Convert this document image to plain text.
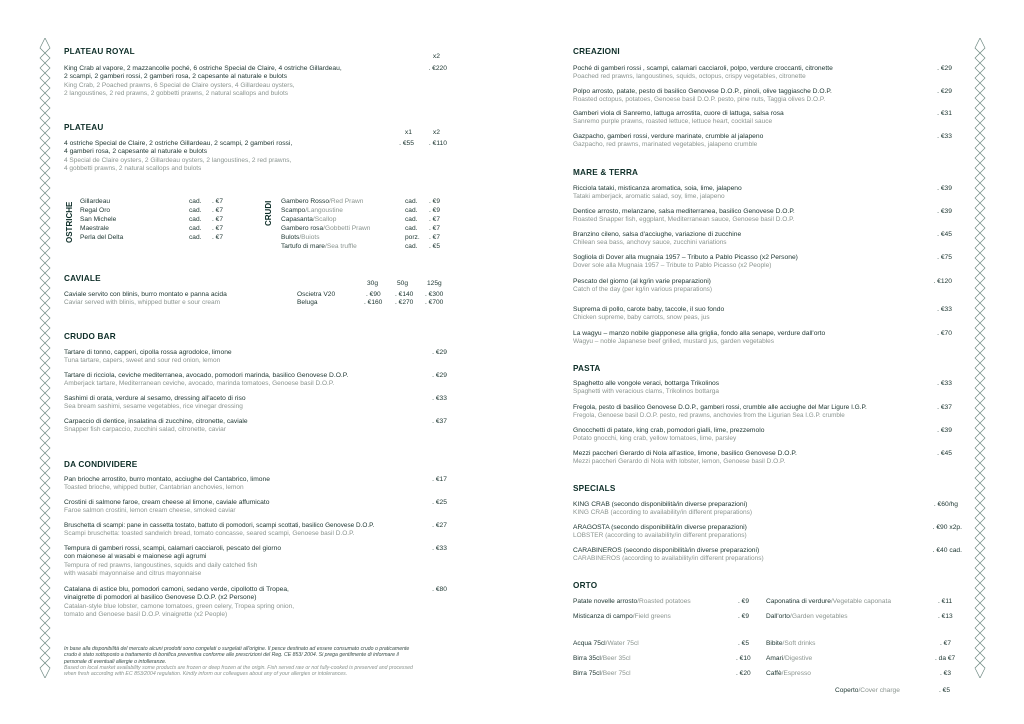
PLATEAU ROYAL
x2
King Crab al vapore, 2 mazzancolle poché, 6 ostriche Special de Claire, 4 ostriche Gillardeau,
2 scampi, 2 gamberi rossi, 2 gamberi rosa, 2 capesante al naturale e bulots
King Crab, 2 Poached prawns, 6 Special de Claire oysters, 4 Gillardeau oysters,
2 langoustines, 2 red prawns, 2 gobbetti prawns, 2 natural scallops and bulots
. €220
PLATEAU
x1	x2
4 ostriche Special de Claire, 2 ostriche Gillardeau, 2 scampi, 2 gamberi rossi,
4 gamberi rosa, 2 capesante al naturale e bulots
4 Special de Claire oysters, 2 Gillardeau oysters, 2 langoustines, 2 red prawns,
4 gobbetti prawns, 2 natural scallops and bulots
. €55	. €110
OSTRICHE
Gillardeau	cad. . €7
Regal Oro	cad. . €7
San Michele	cad. . €7
Maestrale	cad. . €7
Perla del Delta	cad. . €7
CRUDI Gambero Rosso/Red Prawn	cad. . €9
Scampo/Langoustine	cad. . €9
Capasanta/Scallop	cad. . €7
Gambero rosa/Gobbetti Prawn	cad. . €7
Bulots/Buiots	porz. . €7
Tartufo di mare/Sea truffle	cad. . €5
CAVIALE
30g	50g	125g
Caviale servito con blinis, burro montato e panna acida
Caviar served with blinis, whipped butter e sour cream
Oscietra V20	. €90 . €140 . €300
Beluga	. €160 . €270 . €700
CRUDO BAR
Tartare di tonno, capperi, cipolla rossa agrodolce, limone
Tuna tartare, capers, sweet and sour red onion, lemon
. €29
Tartare di ricciola, ceviche mediterranea, avocado, pomodori marinda, basilico Genovese D.O.P.
Amberjack tartare, Mediterranean ceviche, avocado, marinda tomatoes, Genoese basil D.O.P.
. €29
Sashimi di orata, verdure al sesamo, dressing all'aceto di riso
Sea bream sashimi, sesame vegetables, rice vinegar dressing
. €33
Carpaccio di dentice, insalatina di zucchine, citronette, caviale
Snapper fish carpaccio, zucchini salad, citronette, caviar
. €37
DA CONDIVIDERE
Pan brioche arrostito, burro montato, acciughe del Cantabrico, limone
Toasted brioche, whipped butter, Cantabrian anchovies, lemon
. €17
Crostini di salmone faroe, cream cheese al limone, caviale affumicato
Faroe salmon crostini, lemon cream cheese, smoked caviar
. €25
Bruschetta di scampi: pane in cassetta tostato, battuto di pomodori, scampi scottati, basilico Genovese D.O.P.
Scampi bruschetta: toasted sandwich bread, tomato concasse, seared scampi, Genoese basil D.O.P.
. €27
Tempura di gamberi rossi, scampi, calamari cacciaroli, pescato del giorno
con maionese al wasabi e maionese agli agrumi
Tempura of red prawns, langoustines, squids and daily catched fish
with wasabi mayonnaise and citrus mayonnaise
. €33
Catalana di astice blu, pomodori camoni, sedano verde, cipollotto di Tropea,
vinaigrette di pomodori al basilico Genovese D.O.P. (x2 Persone)
Catalan-style blue lobster, camone tomatoes, green celery, Tropea spring onion,
tomato and Genoese basil D.O.P. vinaigrette (x2 People)
. €80
In base alla disponibilità del mercato alcuni prodotti sono congelati o surgelati all'origine. Il pesce destinato ad essere consumato crudo o praticamente
crudo è stato sottoposto a trattamento di bonifica preventiva conforme alle prescrizioni del Reg. CE 853/ 2004. Si prega gentilmente di informare il
personale di eventuali allergie o intolleranze.
Based on local market availability some products are frozen or deep frozen at the origin. Fish served raw or not fully-cooked is preserved and processed
when fresh according with EC 853/2004 regulation. Kindly inform our colleagues about any of your allergies or intolerances.
CREAZIONI
Poché di gamberi rossi , scampi, calamari cacciaroli, polpo, verdure croccanti, citronette
Poached red prawns, langoustines, squids, octopus, crispy vegetables, citronette
. €29
Polpo arrosto, patate, pesto di basilico Genovese D.O.P., pinoli, olive taggiasche D.O.P.
Roasted octopus, potatoes, Genoese basil D.O.P. pesto, pine nuts, Taggia olives D.O.P.
. €29
Gamberi viola di Sanremo, lattuga arrostita, cuore di lattuga, salsa rosa
Sanremo purple prawns, roasted lettuce, lettuce heart, cocktail sauce
. €31
Gazpacho, gamberi rossi, verdure marinate, crumble al jalapeno
Gazpacho, red prawns, marinated vegetables, jalapeno crumble
. €33
MARE & TERRA
Ricciola tataki, misticanza aromatica, soia, lime, jalapeno
Tataki amberjack, aromatic salad, soy, lime, jalapeno
. €39
Dentice arrosto, melanzane, salsa mediterranea, basilico Genovese D.O.P.
Roasted Snapper fish, eggplant, Mediterranean sauce, Genoese basil D.O.P.
. €39
Branzino cileno, salsa d'acciughe, variazione di zucchine
Chilean sea bass, anchovy sauce, zucchini variations
. €45
Sogliola di Dover alla mugnaia 1957 – Tributo a Pablo Picasso (x2 Persone)
Dover sole alla Mugnaia 1957 – Tribute to Pablo Picasso (x2 People)
. €75
Pescato del giorno (al kg/in varie preparazioni)
Catch of the day (per kg/in various preparations)
. €120
Suprema di pollo, carote baby, taccole, il suo fondo
Chicken supreme, baby carrots, snow peas, jus
. €33
La wagyu – manzo nobile giapponese alla griglia, fondo alla senape, verdure dall'orto
Wagyu – noble Japanese beef grilled, mustard jus, garden vegetables
. €70
PASTA
Spaghetto alle vongole veraci, bottarga Trikolinos
Spaghetti with veracious clams, Trikolinos bottarga
. €33
Fregola, pesto di basilico Genovese D.O.P., gamberi rossi, crumble alle acciughe del Mar Ligure I.G.P.
Fregola, Genoese basil D.O.P. pesto, red prawns, anchovies from the Ligurian Sea I.G.P. crumble
. €37
Gnocchetti di patate, king crab, pomodori gialli, lime, prezzemolo
Potato gnocchi, king crab, yellow tomatoes, lime, parsley
. €39
Mezzi paccheri Gerardo di Nola all'astice, limone, basilico Genovese D.O.P.
Mezzi paccheri Gerardo di Nola with lobster, lemon, Genoese basil D.O.P.
. €45
SPECIALS
KING CRAB (secondo disponibilità/in diverse preparazioni)
KING CRAB (according to availability/in different preparations)
. €60/hg
ARAGOSTA (secondo disponibilità/in diverse preparazioni)
LOBSTER (according to availability/in different preparations)
. €90 x2p.
CARABINEROS (secondo disponibilità/in diverse preparazioni)
CARABINEROS (according to availability/in different preparations)
. €40 cad.
ORTO
Patate novelle arrosto/Roasted potatoes	. €9
Misticanza di campo/Field greens	. €9
Caponatina di verdure/Vegetable caponata	. €11
Dall'orto/Garden vegetables	. €13
Acqua 75cl/Water 75cl	. €5
Birra 35cl/Beer 35cl	. €10
Birra 75cl/Beer 75cl	. €20
Bibite/Soft drinks	. €7
Amari/Digestive	. da €7
Caffè/Espresso	. €3
Coperto/Cover charge	. €5
